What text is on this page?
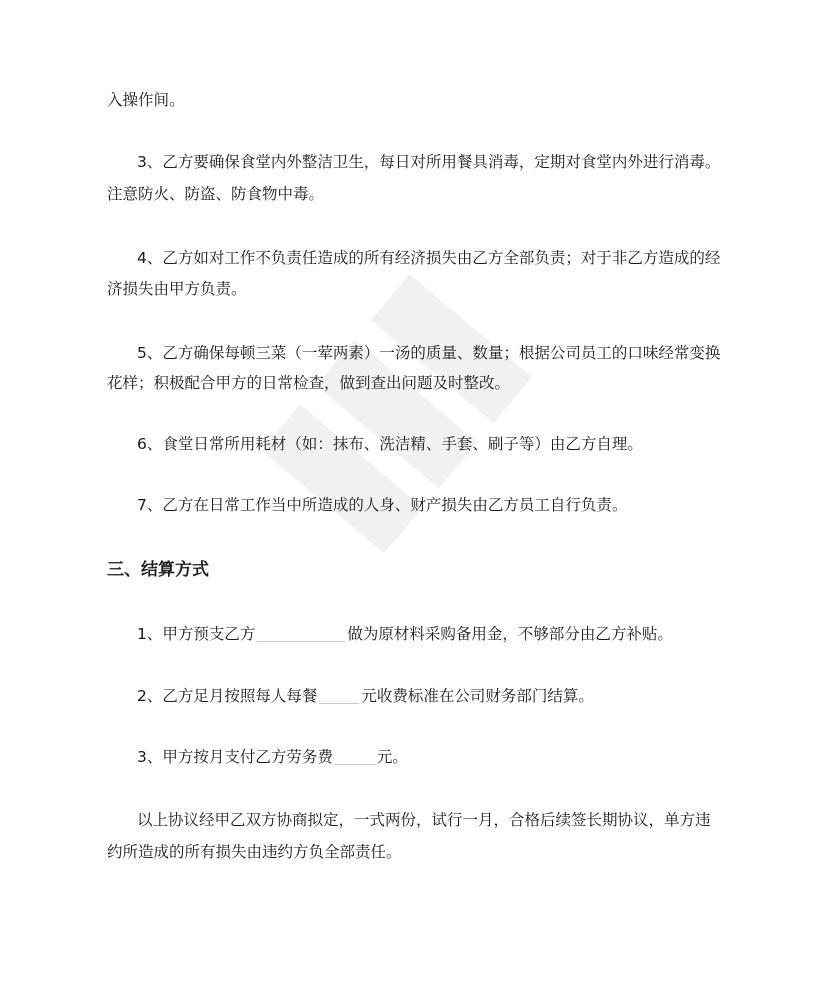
入操作间。
3、乙方要确保食堂内外整洁卫生，每日对所用餐具消毒，定期对食堂内外进行消毒。
注意防火、防盗、防食物中毒。
4、乙方如对工作不负责任造成的所有经济损失由乙方全部负责；对于非乙方造成的经
济损失由甲方负责。
5、乙方确保每顿三菜（一荤两素）一汤的质量、数量；根据公司员工的口味经常变换
花样；积极配合甲方的日常检查，做到查出问题及时整改。
6、食堂日常所用耗材（如：抹布、洗洁精、手套、刷子等）由乙方自理。
7、乙方在日常工作当中所造成的人身、财产损失由乙方员工自行负责。
三、结算方式
1、甲方预支乙方	做为原材料采购备用金，不够部分由乙方补贴。
2、乙方足月按照每人每餐	元收费标准在公司财务部门结算。
3、甲方按月支付乙方劳务费	元。
以上协议经甲乙双方协商拟定，一式两份，试行一月，合格后续签长期协议，单方违
约所造成的所有损失由违约方负全部责任。
